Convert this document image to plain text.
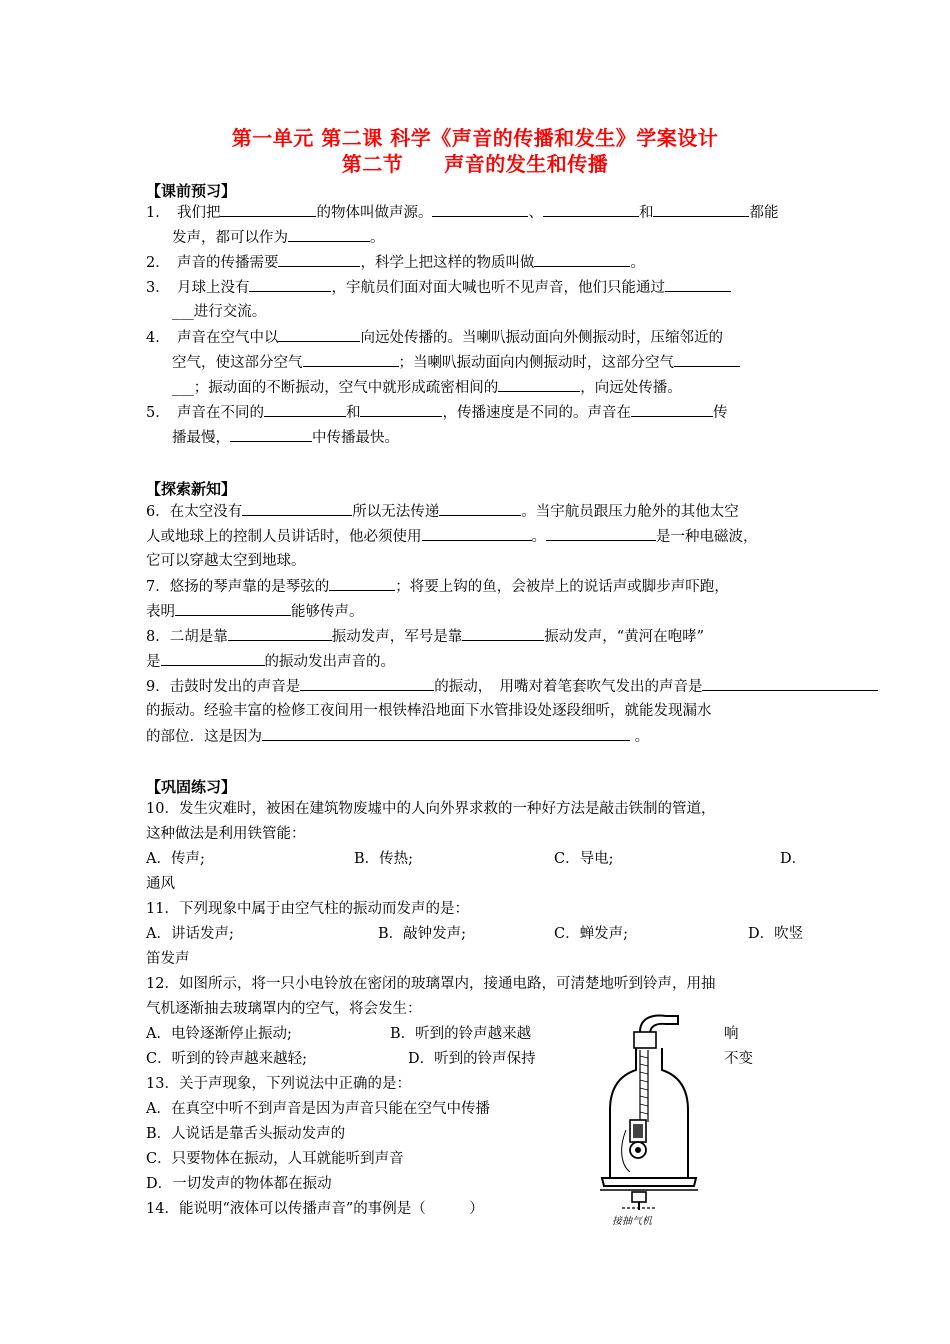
第一单元 第二课 科学《声音的传播和发生》学案设计
第二节　　声音的发生和传播
【课前预习】
1．　我们把	的物体叫做声源。	、	和	都能
发声，都可以作为	。
2．　声音的传播需要	，科学上把这样的物质叫做	。
3．　月球上没有	，宇航员们面对面大喊也听不见声音，他们只能通过
___进行交流。
4．　声音在空气中以	向远处传播的。当喇叭振动面向外侧振动时，压缩邻近的
空气，使这部分空气	；当喇叭振动面向内侧振动时，这部分空气
___；振动面的不断振动，空气中就形成疏密相间的	，向远处传播。
5．　声音在不同的	和	，传播速度是不同的。声音在	传
播最慢，	中传播最快。
【探索新知】
6．在太空没有	所以无法传递	。当宇航员跟压力舱外的其他太空
人或地球上的控制人员讲话时，他必须使用	。	是一种电磁波，
它可以穿越太空到地球。
7．悠扬的琴声靠的是琴弦的	；将要上钩的鱼，会被岸上的说话声或脚步声吓跑，
表明	能够传声。
8．二胡是靠	振动发声，军号是靠	振动发声，“黄河在咆哮”
是	的振动发出声音的。
9．击鼓时发出的声音是	的振动，　用嘴对着笔套吹气发出的声音是
的振动。经验丰富的检修工夜间用一根铁棒沿地面下水管排设处逐段细听，就能发现漏水
的部位．这是因为	。
【巩固练习】
10．发生灾难时，被困在建筑物废墟中的人向外界求救的一种好方法是敲击铁制的管道，
这种做法是利用铁管能：
A．传声;	B．传热;	C．导电;	D．
通风
11．下列现象中属于由空气柱的振动而发声的是：
A．讲话发声;	B．敲钟发声;	C．蝉发声;	D．吹竖
笛发声
12．如图所示，将一只小电铃放在密闭的玻璃罩内，接通电路，可清楚地听到铃声，用抽
气机逐渐抽去玻璃罩内的空气，将会发生：
A．电铃逐渐停止振动;	B．听到的铃声越来越	响
C．听到的铃声越来越轻;	D．听到的铃声保持	不变
13．关于声现象，下列说法中正确的是：
A．在真空中听不到声音是因为声音只能在空气中传播
B．人说话是靠舌头振动发声的
C．只要物体在振动，人耳就能听到声音
D．一切发声的物体都在振动
14．能说明“液体可以传播声音”的事例是（　　　）
接抽气机
